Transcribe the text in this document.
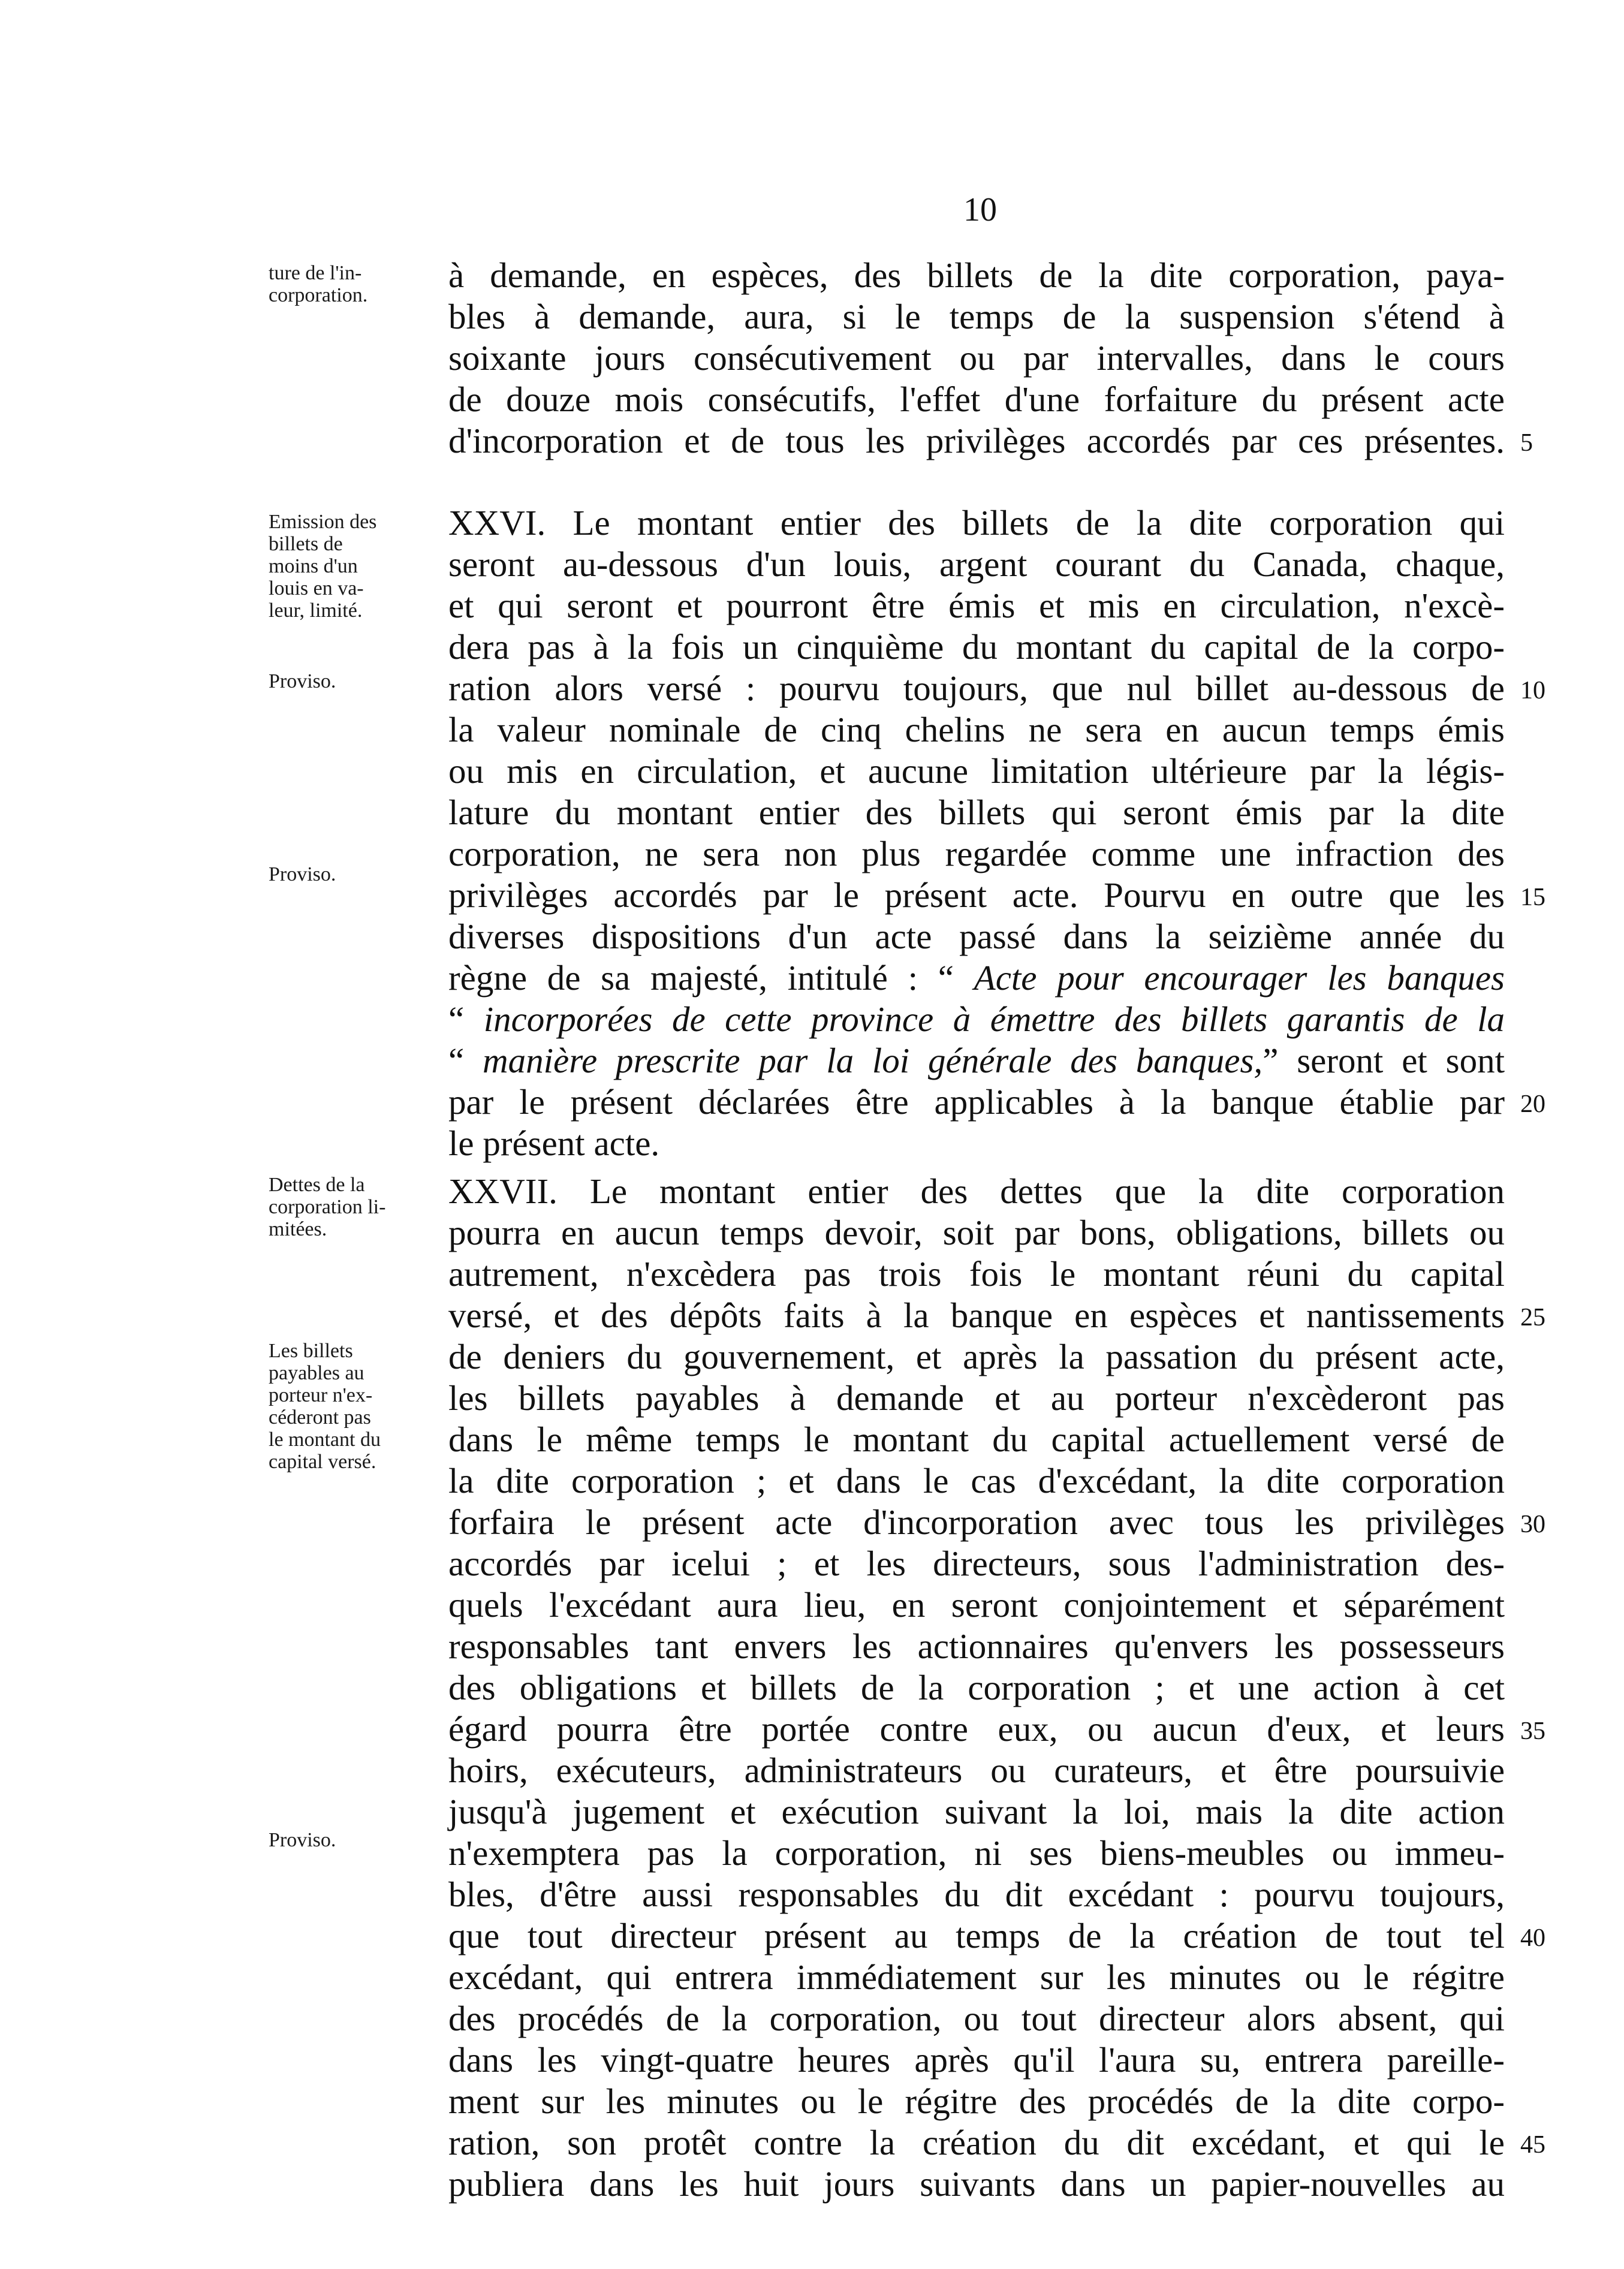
10
ture de l'in-
corporation.
Emission des
billets de
moins d'un
louis en va-
leur, limité.
Proviso.
Proviso.
Dettes de la
corporation li-
mitées.
Les billets
payables au
porteur n'ex-
céderont pas
le montant du
capital versé.
Proviso.
à demande, en espèces, des billets de la dite corporation, paya-
bles à demande, aura, si le temps de la suspension s'étend à
soixante jours consécutivement ou par intervalles, dans le cours
de douze mois consécutifs, l'effet d'une forfaiture du présent acte
d'incorporation et de tous les privilèges accordés par ces présentes.
XXVI. Le montant entier des billets de la dite corporation qui
seront au-dessous d'un louis, argent courant du Canada, chaque,
et qui seront et pourront être émis et mis en circulation, n'excè-
dera pas à la fois un cinquième du montant du capital de la corpo-
ration alors versé : pourvu toujours, que nul billet au-dessous de
la valeur nominale de cinq chelins ne sera en aucun temps émis
ou mis en circulation, et aucune limitation ultérieure par la légis-
lature du montant entier des billets qui seront émis par la dite
corporation, ne sera non plus regardée comme une infraction des
privilèges accordés par le présent acte. Pourvu en outre que les
diverses dispositions d'un acte passé dans la seizième année du
règne de sa majesté, intitulé : “ Acte pour encourager les banques
“ incorporées de cette province à émettre des billets garantis de la
“ manière prescrite par la loi générale des banques,” seront et sont
par le présent déclarées être applicables à la banque établie par
le présent acte.
XXVII. Le montant entier des dettes que la dite corporation
pourra en aucun temps devoir, soit par bons, obligations, billets ou
autrement, n'excèdera pas trois fois le montant réuni du capital
versé, et des dépôts faits à la banque en espèces et nantissements
de deniers du gouvernement, et après la passation du présent acte,
les billets payables à demande et au porteur n'excèderont pas
dans le même temps le montant du capital actuellement versé de
la dite corporation ; et dans le cas d'excédant, la dite corporation
forfaira le présent acte d'incorporation avec tous les privilèges
accordés par icelui ; et les directeurs, sous l'administration des-
quels l'excédant aura lieu, en seront conjointement et séparément
responsables tant envers les actionnaires qu'envers les possesseurs
des obligations et billets de la corporation ; et une action à cet
égard pourra être portée contre eux, ou aucun d'eux, et leurs
hoirs, exécuteurs, administrateurs ou curateurs, et être poursuivie
jusqu'à jugement et exécution suivant la loi, mais la dite action
n'exemptera pas la corporation, ni ses biens-meubles ou immeu-
bles, d'être aussi responsables du dit excédant : pourvu toujours,
que tout directeur présent au temps de la création de tout tel
excédant, qui entrera immédiatement sur les minutes ou le régitre
des procédés de la corporation, ou tout directeur alors absent, qui
dans les vingt-quatre heures après qu'il l'aura su, entrera pareille-
ment sur les minutes ou le régitre des procédés de la dite corpo-
ration, son protêt contre la création du dit excédant, et qui le
publiera dans les huit jours suivants dans un papier-nouvelles au
5
10
15
20
25
30
35
40
45
